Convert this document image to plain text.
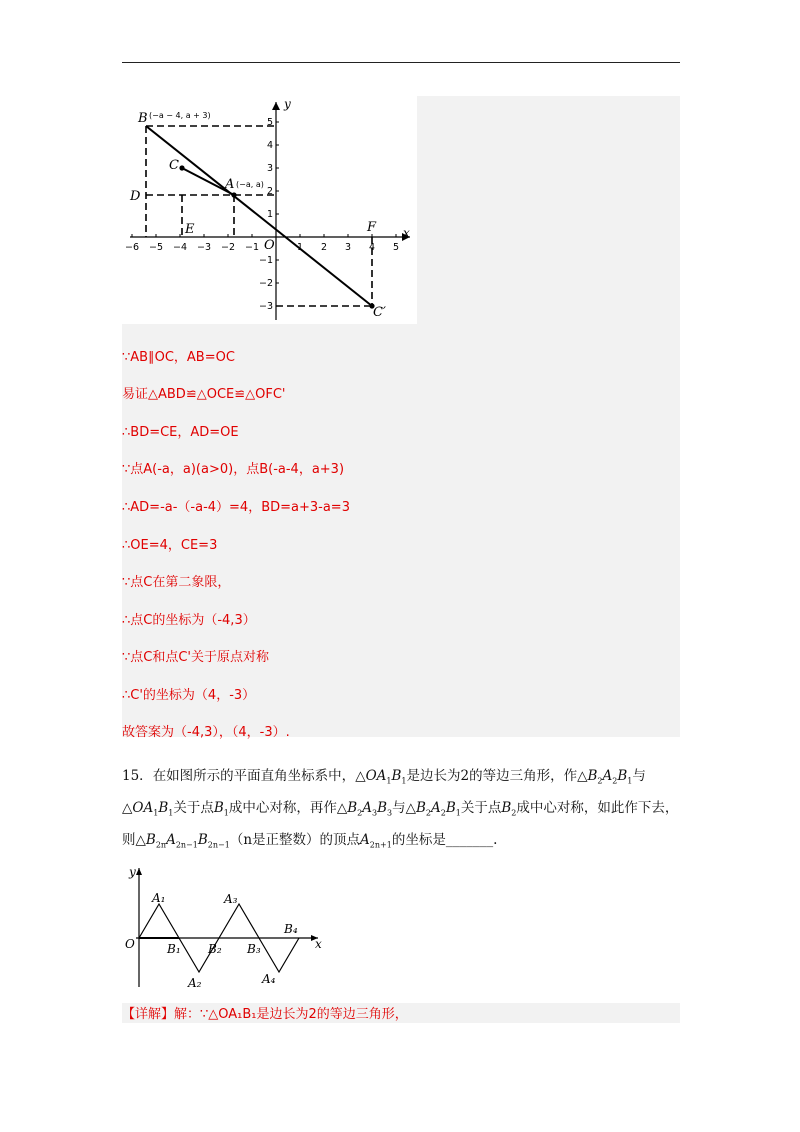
B
C
A
D
E	F
O
C′
x
y
(−a − 4, a + 3)
(−a, a)
−6 −5 −4 −3 −2 −1	1 2 3 4 5
5
4
3
2
1
−1
−2
−3
∵AB∥OC，AB=OC
易证△ABD≌△OCE≌△OFC'
∴BD=CE，AD=OE
∵点A(-a，a)(a>0)，点B(-a-4，a+3)
∴AD=-a-（-a-4）=4，BD=a+3-a=3
∴OE=4，CE=3
∵点C在第二象限，
∴点C的坐标为（-4,3）
∵点C和点C'关于原点对称
∴C'的坐标为（4，-3）
故答案为（-4,3），（4，-3）.
15．在如图所示的平面直角坐标系中，$\triangle OA_1B_1$是边长为2的等边三角形，作$\triangle B_2A_2B_1$与
$\triangle OA_1B_1$关于点$B_1$成中心对称，再作$\triangle B_2A_3B_3$与$\triangle B_2A_2B_1$关于点$B_2$成中心对称，如此作下去，
则$\triangle B_{2n}A_{2n-1}B_{2n-1}(n$是正整数）的顶点$A_{2n+1}$的坐标是_______.
y
x
O
A₁
A₂
A₃
A₄
B₁ B₂ B₃
B₄
【详解】解：∵△OA₁B₁是边长为2的等边三角形，
